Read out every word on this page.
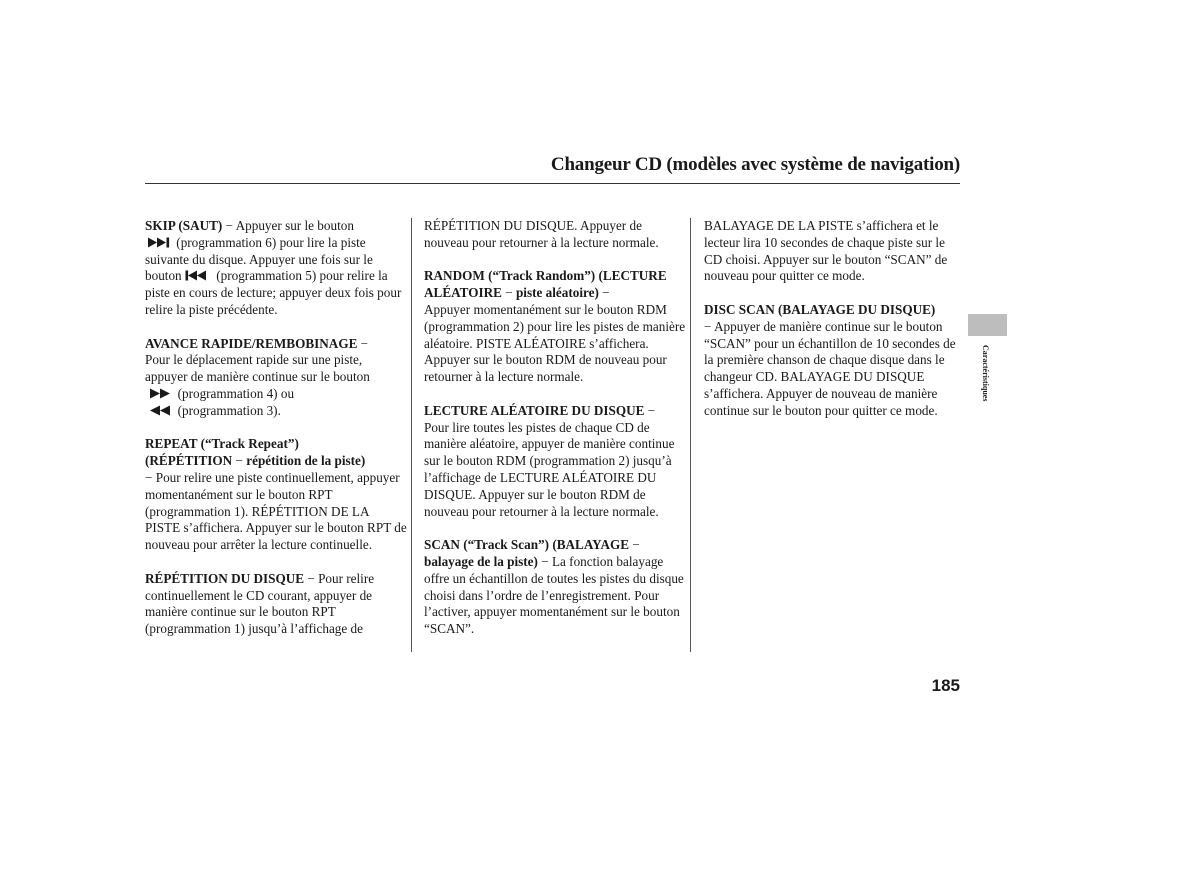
Changeur CD (modèles avec système de navigation)

SKIP (SAUT) − Appuyer sur le bouton

(programmation 6) pour lire la piste suivante du disque. Appuyer une fois sur le bouton
(programmation 5) pour relire la piste en cours de lecture; appuyer deux fois pour relire la piste précédente.

AVANCE RAPIDE/REMBOBINAGE −
Pour le déplacement rapide sur une piste, appuyer de manière continue sur le bouton

(programmation 4) ou

(programmation 3).

REPEAT (“Track Repeat”)
(RÉPÉTITION − répétition de la piste)
− Pour relire une piste continuellement, appuyer momentanément sur le bouton RPT (programmation 1). RÉPÉTITION DE LA PISTE s’affichera. Appuyer sur le bouton RPT de nouveau pour arrêter la lecture continuelle.

RÉPÉTITION DU DISQUE − Pour relire continuellement le CD courant, appuyer de manière continue sur le bouton RPT (programmation 1) jusqu’à l’affichage de

RÉPÉTITION DU DISQUE. Appuyer de nouveau pour retourner à la lecture normale.

RANDOM (“Track Random”) (LECTURE
ALÉATOIRE − piste aléatoire) −
Appuyer momentanément sur le bouton RDM (programmation 2) pour lire les pistes de manière aléatoire. PISTE ALÉATOIRE s’affichera. Appuyer sur le bouton RDM de nouveau pour retourner à la lecture normale.

LECTURE ALÉATOIRE DU DISQUE −
Pour lire toutes les pistes de chaque CD de manière aléatoire, appuyer de manière continue sur le bouton RDM (programmation 2) jusqu’à l’affichage de LECTURE ALÉATOIRE DU DISQUE. Appuyer sur le bouton RDM de nouveau pour retourner à la lecture normale.

SCAN (“Track Scan”) (BALAYAGE −
balayage de la piste) − La fonction balayage offre un échantillon de toutes les pistes du disque choisi dans l’ordre de l’enregistrement. Pour l’activer, appuyer momentanément sur le bouton “SCAN”.

BALAYAGE DE LA PISTE s’affichera et le lecteur lira 10 secondes de chaque piste sur le CD choisi. Appuyer sur le bouton “SCAN” de nouveau pour quitter ce mode.

DISC SCAN (BALAYAGE DU DISQUE)
− Appuyer de manière continue sur le bouton “SCAN” pour un échantillon de 10 secondes de la première chanson de chaque disque dans le changeur CD. BALAYAGE DU DISQUE s’affichera. Appuyer de nouveau de manière continue sur le bouton pour quitter ce mode.

Caractéristiques
185
